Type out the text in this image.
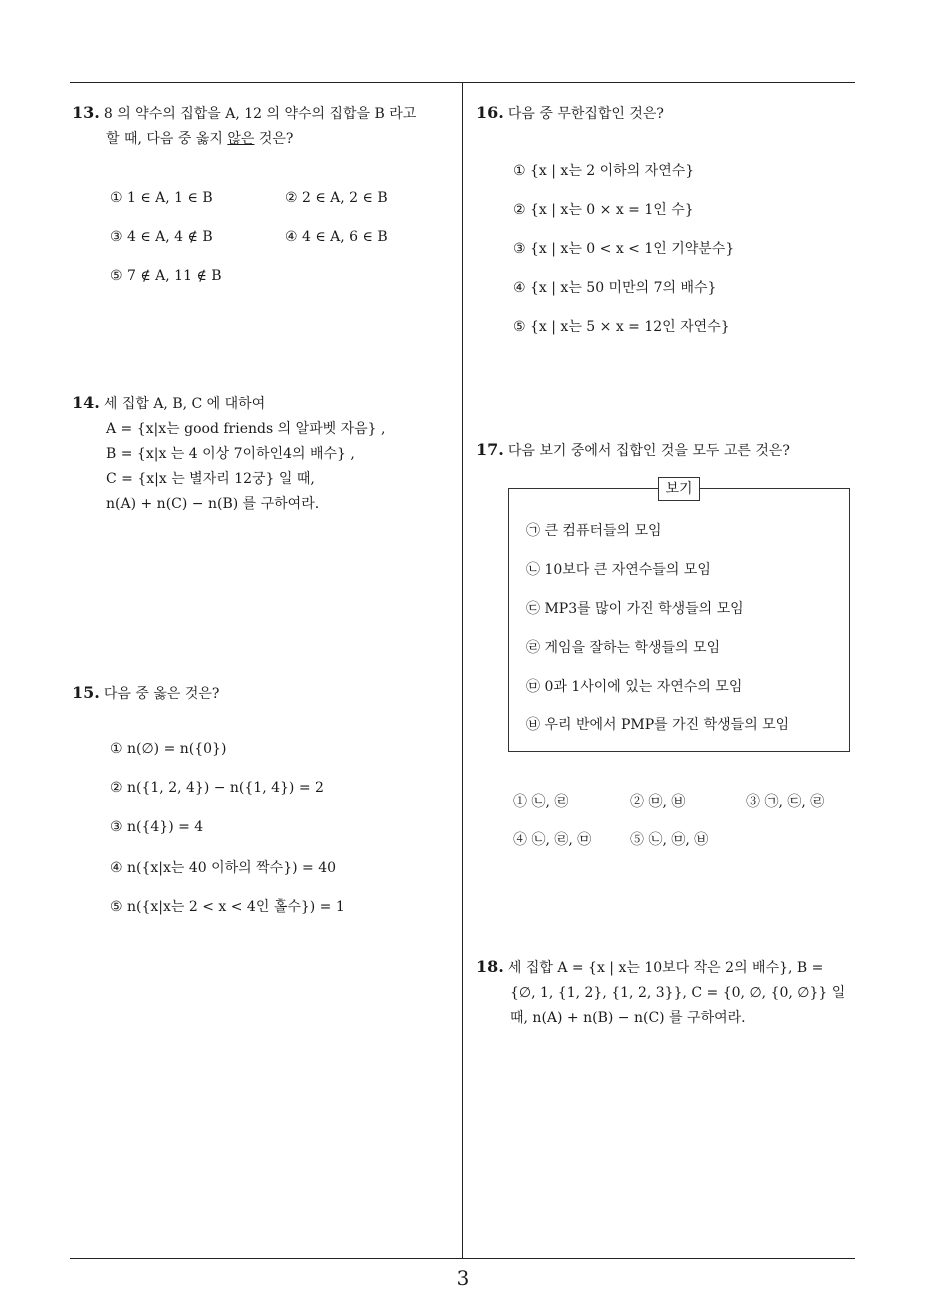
13. 8 의 약수의 집합을 A, 12 의 약수의 집합을 B 라고
할 때, 다음 중 옳지 않은 것은?
① 1 ∈ A, 1 ∈ B	② 2 ∈ A, 2 ∈ B
③ 4 ∈ A, 4 ∉ B	④ 4 ∈ A, 6 ∈ B
⑤ 7 ∉ A, 11 ∉ B
14. 세 집합 A, B, C 에 대하여
A = {x|x는 good friends 의 알파벳 자음} ,
B = {x|x 는 4 이상 7이하인4의 배수} ,
C = {x|x 는 별자리 12궁} 일 때,
n(A) + n(C) − n(B) 를 구하여라.
15. 다음 중 옳은 것은?
① n(∅) = n({0})
② n({1, 2, 4}) − n({1, 4}) = 2
③ n({4}) = 4
④ n({x|x는 40 이하의 짝수}) = 40
⑤ n({x|x는 2 < x < 4인 홀수}) = 1
16. 다음 중 무한집합인 것은?
① {x | x는 2 이하의 자연수}
② {x | x는 0 × x = 1인 수}
③ {x | x는 0 < x < 1인 기약분수}
④ {x | x는 50 미만의 7의 배수}
⑤ {x | x는 5 × x = 12인 자연수}
17. 다음 보기 중에서 집합인 것을 모두 고른 것은?
보기
㉠ 큰 컴퓨터들의 모임
㉡ 10보다 큰 자연수들의 모임
㉢ MP3를 많이 가진 학생들의 모임
㉣ 게임을 잘하는 학생들의 모임
㉤ 0과 1사이에 있는 자연수의 모임
㉥ 우리 반에서 PMP를 가진 학생들의 모임
① ㉡, ㉣	② ㉤, ㉥	③ ㉠, ㉢, ㉣
④ ㉡, ㉣, ㉤	⑤ ㉡, ㉤, ㉥
18. 세 집합 A = {x | x는 10보다 작은 2의 배수}, B =
{∅, 1, {1, 2}, {1, 2, 3}}, C = {0, ∅, {0, ∅}} 일
때, n(A) + n(B) − n(C) 를 구하여라.
3
